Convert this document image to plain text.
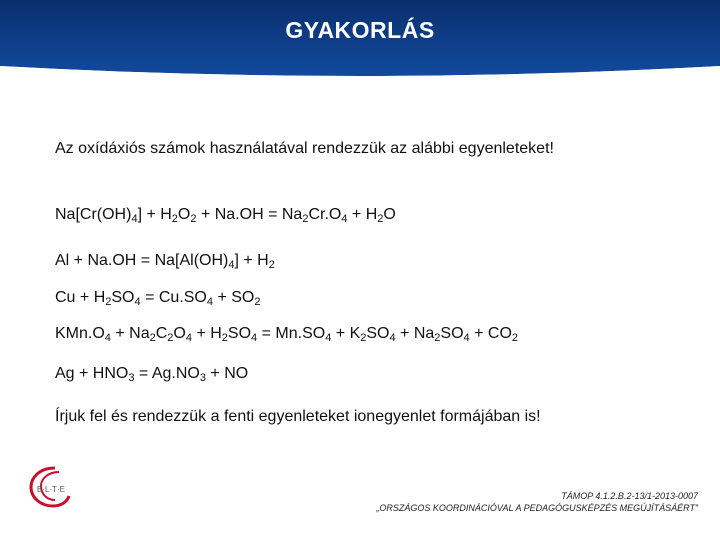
GYAKORLÁS
Az oxídáxiós számok használatával rendezzük az alábbi egyenleteket!
$Na[Cr(OH)_4] + H_2O_2 + Na.OH = Na_2Cr.O_4 + H_2O$
$Al + Na.OH = Na[Al(OH)_4] + H_2$
$Cu + H_2SO_4 = Cu.SO_4 + SO_2$
$KMn.O_4 + Na_2C_2O_4 + H_2SO_4 = Mn.SO_4 + K_2SO_4 + Na_2SO_4 + CO_2$
$Ag + HNO_3 = Ag.NO_3$ + NO
Írjuk fel és rendezzük a fenti egyenleteket ionegyenlet formájában is!
E·L·T·E
TÁMOP 4.1.2.B.2-13/1-2013-0007
„ORSZÁGOS KOORDINÁCIÓVAL A PEDAGÓGUSKÉPZÉS MEGÚJÍTÁSÁÉRT”
